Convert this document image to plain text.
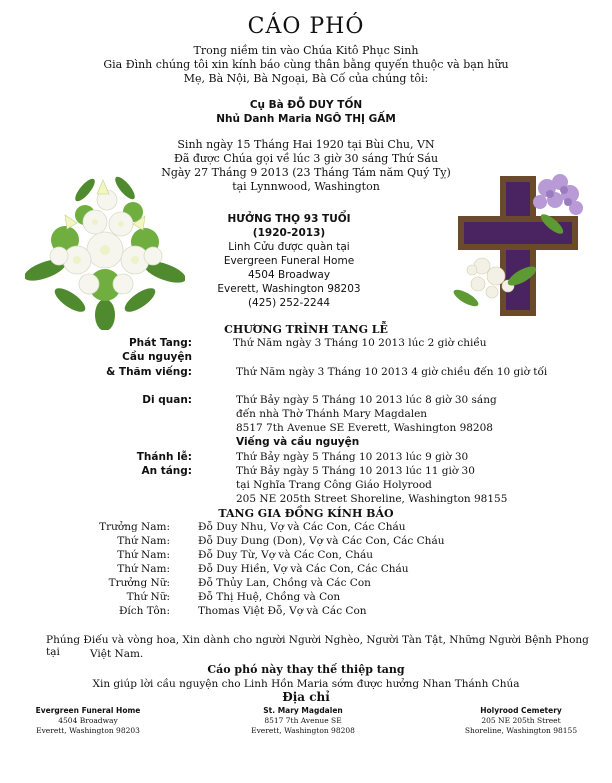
CÁO PHÓ
Trong niềm tin vào Chúa Kitô Phục Sinh
Gia Đình chúng tôi xin kính báo cùng thân bằng quyến thuộc và bạn hữu
Mẹ, Bà Nội, Bà Ngoại, Bà Cố của chúng tôi:
Cụ Bà ĐỖ DUY TỐN
Nhủ Danh Maria NGÔ THỊ GẤM
Sinh ngày 15 Tháng Hai 1920 tại Bùi Chu, VN
Đã được Chúa gọi về lúc 3 giờ 30 sáng Thứ Sáu
Ngày 27 Tháng 9 2013 (23 Tháng Tám năm Quý Tỵ)
tại Lynnwood, Washington
HƯỞNG THỌ 93 TUỔI
(1920-2013)
Linh Cửu được quàn tại
Evergreen Funeral Home
4504 Broadway
Everett, Washington 98203
(425) 252-2244
CHƯƠNG TRÌNH TANG LỄ
Phát Tang:	Thứ Năm ngày 3 Tháng 10 2013 lúc 2 giờ chiều
Cầu nguyện
& Thăm viếng:	Thứ Năm ngày 3 Tháng 10 2013 4 giờ chiều đến 10 giờ tối
Di quan:	Thứ Bảy ngày 5 Tháng 10 2013 lúc 8 giờ 30 sáng
đến nhà Thờ Thánh Mary Magdalen
8517 7th Avenue SE Everett, Washington 98208
Viếng và cầu nguyện
Thánh lễ:	Thứ Bảy ngày 5 Tháng 10 2013 lúc 9 giờ 30
An táng:	Thứ Bảy ngày 5 Tháng 10 2013 lúc 11 giờ 30
tại Nghĩa Trang Công Giáo Holyrood
205 NE 205th Street Shoreline, Washington 98155
TANG GIA ĐỒNG KÍNH BÁO
Trưởng Nam:	Đỗ Duy Nhu, Vợ và Các Con, Các Cháu
Thứ Nam:	Đỗ Duy Dung (Don), Vợ và Các Con, Các Cháu
Thứ Nam:	Đỗ Duy Từ, Vợ và Các Con, Cháu
Thứ Nam:	Đỗ Duy Hiền, Vợ và Các Con, Các Cháu
Trưởng Nữ:	Đỗ Thủy Lan, Chồng và Các Con
Thứ Nữ:	Đỗ Thị Huệ, Chồng và Con
Đích Tôn:	Thomas Việt Đỗ, Vợ và Các Con
Phúng Điếu và vòng hoa, Xin dành cho người Người Nghèo, Người Tàn Tật, Những Người Bệnh Phong tại	Việt Nam.
Cáo phó này thay thế thiệp tang
Xin giúp lời cầu nguyện cho Linh Hồn Maria sớm được hưởng Nhan Thánh Chúa
Địa chỉ
Evergreen Funeral Home
4504 Broadway
Everett, Washington 98203
St. Mary Magdalen
8517 7th Avenue SE
Everett, Washington 98208
Holyrood Cemetery
205 NE 205th Street
Shoreline, Washington 98155
